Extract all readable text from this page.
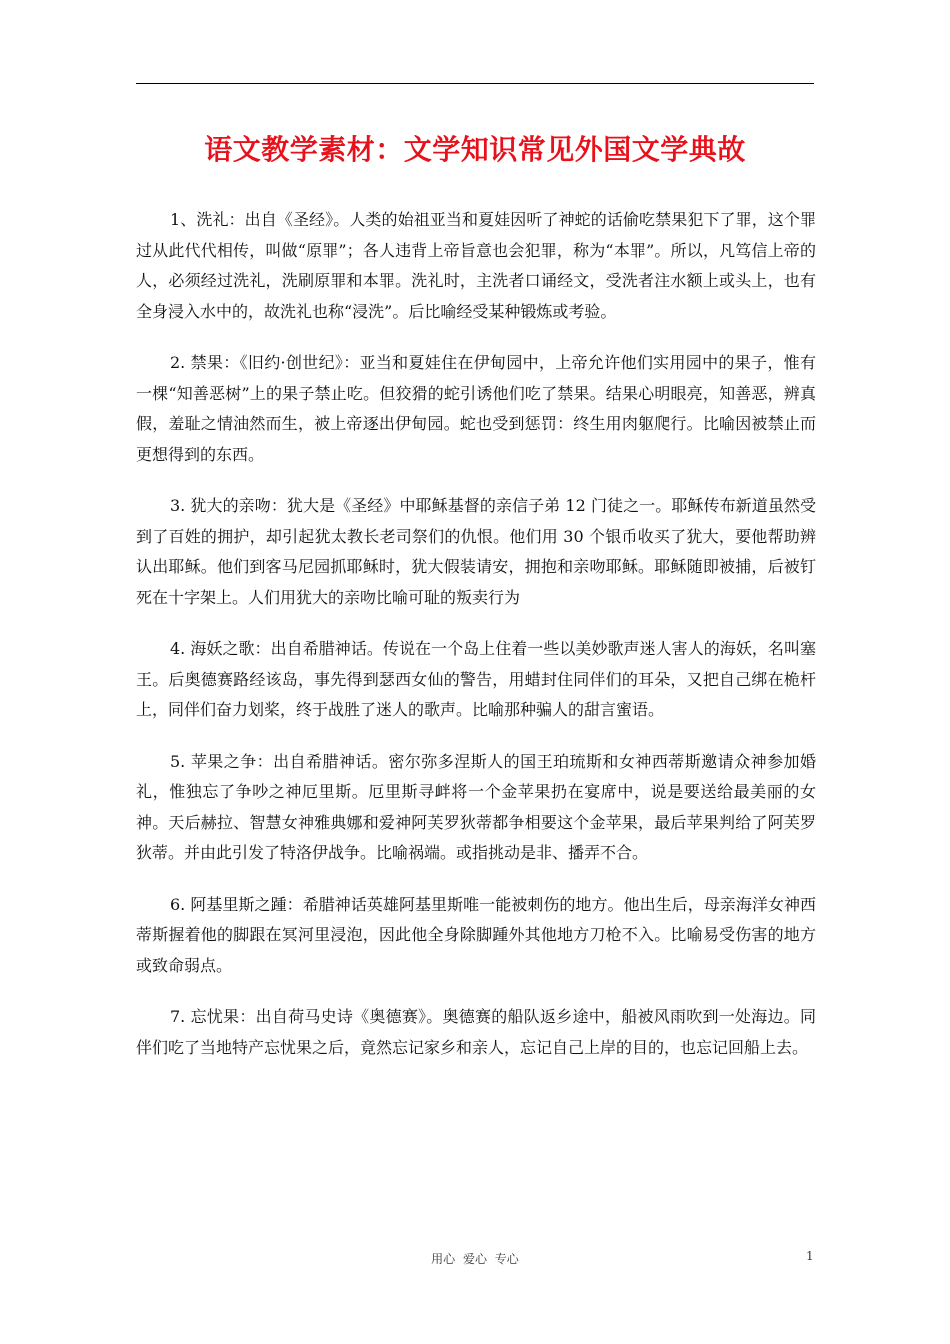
语文教学素材：文学知识常见外国文学典故

1、洗礼：出自《圣经》。人类的始祖亚当和夏娃因听了神蛇的话偷吃禁果犯下了罪，这个罪过从此代代相传，叫做“原罪”；各人违背上帝旨意也会犯罪，称为“本罪”。所以，凡笃信上帝的人，必须经过洗礼，洗刷原罪和本罪。洗礼时，主洗者口诵经文，受洗者注水额上或头上，也有全身浸入水中的，故洗礼也称“浸洗”。后比喻经受某种锻炼或考验。

2. 禁果：《旧约·创世纪》：亚当和夏娃住在伊甸园中，上帝允许他们实用园中的果子，惟有一棵“知善恶树”上的果子禁止吃。但狡猾的蛇引诱他们吃了禁果。结果心明眼亮，知善恶，辨真假，羞耻之情油然而生，被上帝逐出伊甸园。蛇也受到惩罚：终生用肉躯爬行。比喻因被禁止而更想得到的东西。

3. 犹大的亲吻：犹大是《圣经》中耶稣基督的亲信子弟 12 门徒之一。耶稣传布新道虽然受到了百姓的拥护，却引起犹太教长老司祭们的仇恨。他们用 30 个银币收买了犹大，要他帮助辨认出耶稣。他们到客马尼园抓耶稣时，犹大假装请安，拥抱和亲吻耶稣。耶稣随即被捕，后被钉死在十字架上。人们用犹大的亲吻比喻可耻的叛卖行为

4. 海妖之歌：出自希腊神话。传说在一个岛上住着一些以美妙歌声迷人害人的海妖，名叫塞王。后奥德赛路经该岛，事先得到瑟西女仙的警告，用蜡封住同伴们的耳朵，又把自己绑在桅杆上，同伴们奋力划桨，终于战胜了迷人的歌声。比喻那种骗人的甜言蜜语。

5. 苹果之争：出自希腊神话。密尔弥多涅斯人的国王珀琉斯和女神西蒂斯邀请众神参加婚礼，惟独忘了争吵之神厄里斯。厄里斯寻衅将一个金苹果扔在宴席中，说是要送给最美丽的女神。天后赫拉、智慧女神雅典娜和爱神阿芙罗狄蒂都争相要这个金苹果，最后苹果判给了阿芙罗狄蒂。并由此引发了特洛伊战争。比喻祸端。或指挑动是非、播弄不合。

6. 阿基里斯之踵：希腊神话英雄阿基里斯唯一能被刺伤的地方。他出生后，母亲海洋女神西蒂斯握着他的脚跟在冥河里浸泡，因此他全身除脚踵外其他地方刀枪不入。比喻易受伤害的地方或致命弱点。

7. 忘忧果：出自荷马史诗《奥德赛》。奥德赛的船队返乡途中，船被风雨吹到一处海边。同伴们吃了当地特产忘忧果之后，竟然忘记家乡和亲人，忘记自己上岸的目的，也忘记回船上去。

用心 爱心 专心	1
